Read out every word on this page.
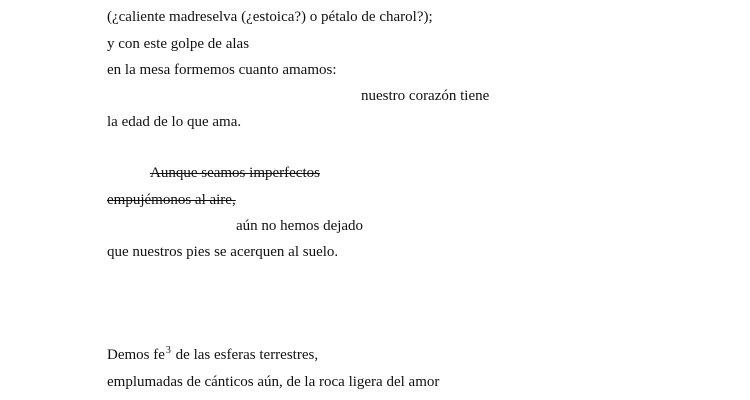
(¿caliente madreselva (¿estoica?) o pétalo de charol?);
y con este golpe de alas
en la mesa formemos cuanto amamos:
nuestro corazón tiene
la edad de lo que ama.
Aunque seamos imperfectos
empujémonos al aire,
aún no hemos dejado
que nuestros pies se acerquen al suelo.
Demos $fe^3$ de las esferas terrestres,
emplumadas de cánticos aún, de la roca ligera del amor
